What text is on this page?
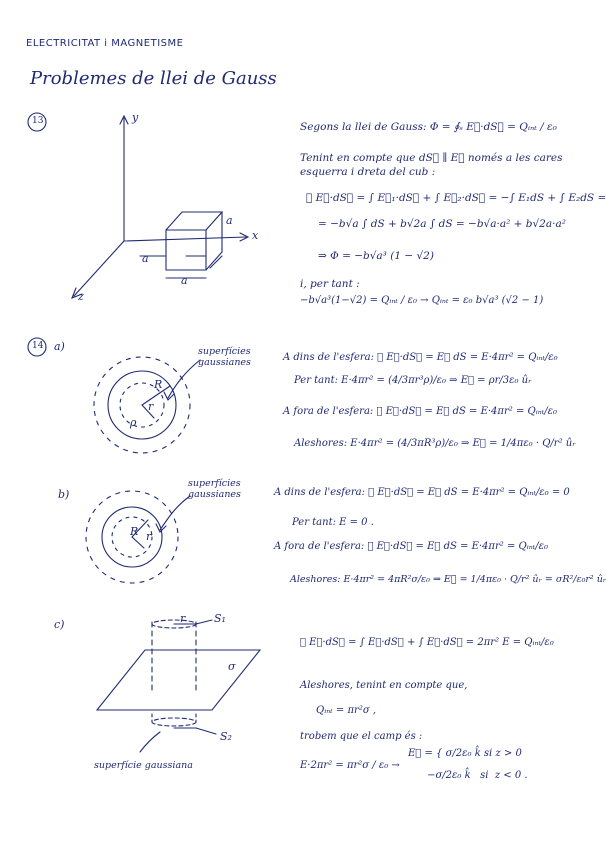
ELECTRICITAT i MAGNETISME
Problemes de llei de Gauss
13	y
x
z
a
a
a
Segons la llei de Gauss: Φ = ∮ₛ E⃗·dS⃗ = Qᵢₙₜ / ε₀
Tenint en compte que dS⃗ ∥ E⃗ només a les cares
esquerra i dreta del cub :
∮ E⃗·dS⃗ = ∫ E⃗₁·dS⃗ + ∫ E⃗₂·dS⃗ = −∫ E₁dS + ∫ E₂dS =
= −b√a ∫ dS + b√2a ∫ dS = −b√a·a² + b√2a·a²
⇒ Φ = −b√a³ (1 − √2)
i, per tant :
−b√a³(1−√2) = Qᵢₙₜ / ε₀ → Qᵢₙₜ = ε₀ b√a³ (√2 − 1)
14 a)	superfícies
gaussianes
R
r
ρ
A dins de l'esfera: ∮ E⃗·dS⃗ = E∮ dS = E·4πr² = Qᵢₙₜ/ε₀
Per tant: E·4πr² = (4/3πr³ρ)/ε₀ ⇒ E⃗ = ρr/3ε₀ ûᵣ
A fora de l'esfera: ∮ E⃗·dS⃗ = E∮ dS = E·4πr² = Qᵢₙₜ/ε₀
Aleshores: E·4πr² = (4/3πR³ρ)/ε₀ ⇒ E⃗ = 1/4πε₀ · Q/r² ûᵣ
b)
superfícies
gaussianes
R r
A dins de l'esfera: ∮ E⃗·dS⃗ = E∮ dS = E·4πr² = Qᵢₙₜ/ε₀ = 0
Per tant: E = 0 .
A fora de l'esfera: ∮ E⃗·dS⃗ = E∮ dS = E·4πr² = Qᵢₙₜ/ε₀
Aleshores: E·4πr² = 4πR²σ/ε₀ ⇒ E⃗ = 1/4πε₀ · Q/r² ûᵣ = σR²/ε₀r² ûᵣ
c)	S₁
S₂
r
σ
superfície gaussiana
∮ E⃗·dS⃗ = ∫ E⃗·dS⃗ + ∫ E⃗·dS⃗ = 2πr² E = Qᵢₙₜ/ε₀
Aleshores, tenint en compte que,
Qᵢₙₜ = πr²σ ,
trobem que el camp és :
E·2πr² = πr²σ / ε₀ →
E⃗ = { σ/2ε₀ k̂ si z > 0
−σ/2ε₀ k̂   si  z < 0 .
